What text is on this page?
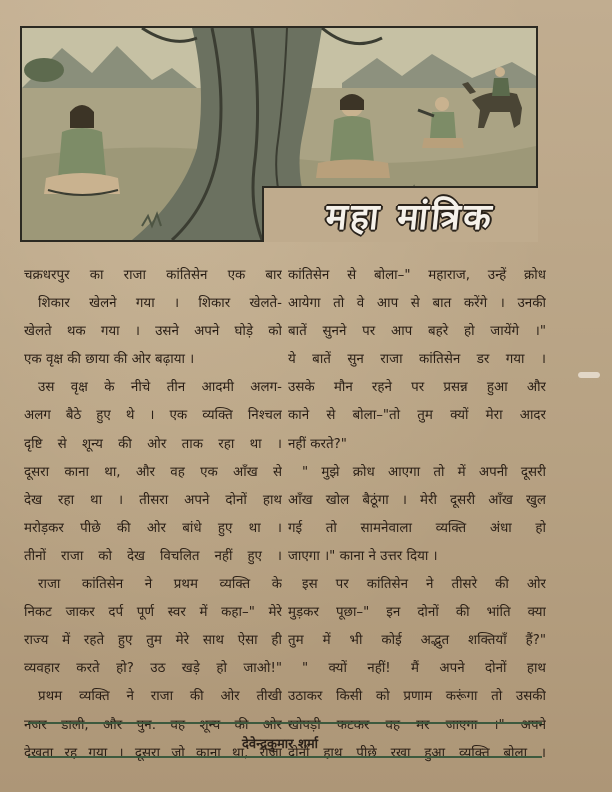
महा मांत्रिक
चक्रधरपुर का राजा कांतिसेन एक बार
शिकार खेलने गया । शिकार खेलते-
खेलते थक गया । उसने अपने घोड़े को
एक वृक्ष की छाया की ओर बढ़ाया ।
उस वृक्ष के नीचे तीन आदमी अलग-
अलग बैठे हुए थे । एक व्यक्ति निश्चल
दृष्टि से शून्य की ओर ताक रहा था ।
दूसरा काना था, और वह एक आँख से
देख रहा था । तीसरा अपने दोनों हाथ
मरोड़कर पीछे की ओर बांधे हुए था ।
तीनों राजा को देख विचलित नहीं हुए ।
राजा कांतिसेन ने प्रथम व्यक्ति के
निकट जाकर दर्प पूर्ण स्वर में कहा–" मेरे
राज्य में रहते हुए तुम मेरे साथ ऐसा ही
व्यवहार करते हो? उठ खड़े हो जाओ!"
प्रथम व्यक्ति ने राजा की ओर तीखी
नजर डाली, और पुन: वह शून्य की ओर
देखता रह गया । दूसरा जो काना था, राजा
कांतिसेन से बोला–" महाराज, उन्हें क्रोध
आयेगा तो वे आप से बात करेंगे । उनकी
बातें सुनने पर आप बहरे हो जायेंगे ।"
ये बातें सुन राजा कांतिसेन डर गया ।
उसके मौन रहने पर प्रसन्न हुआ और
काने से बोला–"तो तुम क्यों मेरा आदर
नहीं करते?"
" मुझे क्रोध आएगा तो में अपनी दूसरी
आँख खोल बैठूंगा । मेरी दूसरी आँख खुल
गई तो सामनेवाला व्यक्ति अंधा हो
जाएगा ।" काना ने उत्तर दिया ।
इस पर कांतिसेन ने तीसरे की ओर
मुड़कर पूछा–" इन दोनों की भांति क्या
तुम में भी कोई अद्भुत शक्तियाँ हैं?"
" क्यों नहीं! मैं अपने दोनों हाथ
उठाकर किसी को प्रणाम करूंगा तो उसकी
खोपड़ी फटकर वह मर जाएगा ।" अपने
दोनों हाथ पीछे रखा हुआ व्यक्ति बोला ।
देवेन्द्रकुमार शर्मा
